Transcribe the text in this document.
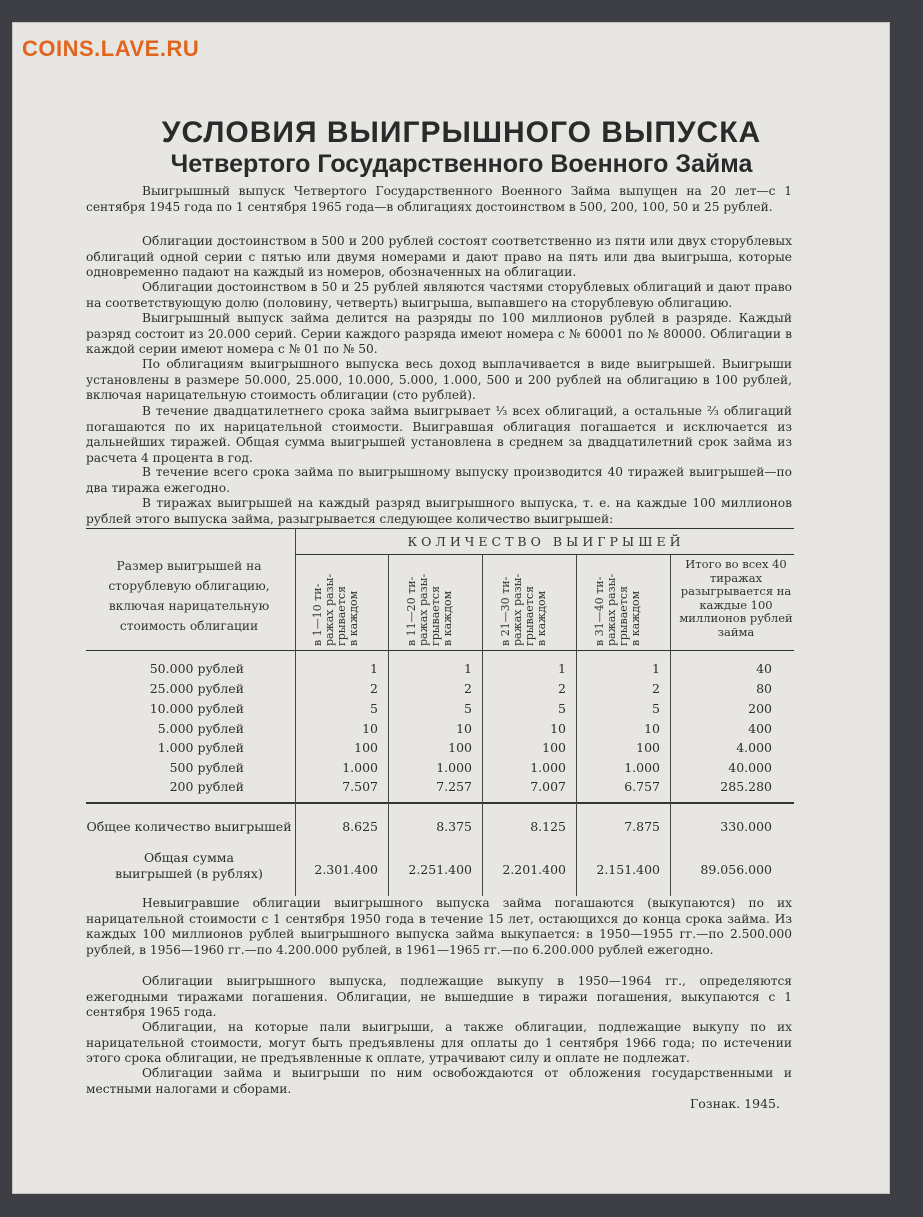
COINS.LAVE.RU
УСЛОВИЯ ВЫИГРЫШНОГО ВЫПУСКА
Четвертого Государственного Военного Займа
Выигрышный выпуск Четвертого Государственного Военного Займа выпущен на 20 лет—с 1 сентября 1945 года по 1 сентября 1965 года—в облигациях достоинством в 500, 200, 100, 50 и 25 рублей.
Облигации достоинством в 500 и 200 рублей состоят соответственно из пяти или двух сторублевых облигаций одной серии с пятью или двумя номерами и дают право на пять или два выигрыша, которые одновременно падают на каждый из номеров, обозначенных на облигации.
Облигации достоинством в 50 и 25 рублей являются частями сторублевых облигаций и дают право на соответствующую долю (половину, четверть) выигрыша, выпавшего на сторублевую облигацию.
Выигрышный выпуск займа делится на разряды по 100 миллионов рублей в разряде. Каждый разряд состоит из 20.000 серий. Серии каждого разряда имеют номера с № 60001 по № 80000. Облигации в каждой серии имеют номера с № 01 по № 50.
По облигациям выигрышного выпуска весь доход выплачивается в виде выигрышей. Выигрыши установлены в размере 50.000, 25.000, 10.000, 5.000, 1.000, 500 и 200 рублей на облигацию в 100 рублей, включая нарицательную стоимость облигации (сто рублей).
В течение двадцатилетнего срока займа выигрывает ⅓ всех облигаций, а остальные ⅔ облигаций погашаются по их нарицательной стоимости. Выигравшая облигация погашается и исключается из дальнейших тиражей. Общая сумма выигрышей установлена в среднем за двадцатилетний срок займа из расчета 4 процента в год.
В течение всего срока займа по выигрышному выпуску производится 40 тиражей выигрышей—по два тиража ежегодно.
В тиражах выигрышей на каждый разряд выигрышного выпуска, т. е. на каждые 100 миллионов рублей этого выпуска займа, разыгрывается следующее количество выигрышей:
Размер выигрышей на сторублевую облигацию, включая нарицательную стоимость облигации
КОЛИЧЕСТВО ВЫИГРЫШЕЙ
в 1—10 ти-
ражах разы-
грывается
в каждом
в 11—20 ти-
ражах разы-
грывается
в каждом
в 21—30 ти-
ражах разы-
грывается
в каждом
в 31—40 ти-
ражах разы-
грывается
в каждом
Итого во всех 40 тиражах разыгрывается на каждые 100 миллионов рублей займа
50.000 рублей	1	1	1	1	40
25.000 рублей	2	2	2	2	80
10.000 рублей	5	5	5	5	200
5.000 рублей	10	10	10	10	400
1.000 рублей	100	100	100	100	4.000
500 рублей	1.000	1.000	1.000	1.000	40.000
200 рублей	7.507	7.257	7.007	6.757	285.280
Общее количество выигрышей	8.625	8.375	8.125	7.875	330.000
Общая сумма выигрышей (в рублях)	2.301.400	2.251.400	2.201.400	2.151.400	89.056.000
Невыигравшие облигации выигрышного выпуска займа погашаются (выкупаются) по их нарицательной стоимости с 1 сентября 1950 года в течение 15 лет, остающихся до конца срока займа. Из каждых 100 миллионов рублей выигрышного выпуска займа выкупается: в 1950—1955 гг.—по 2.500.000 рублей, в 1956—1960 гг.—по 4.200.000 рублей, в 1961—1965 гг.—по 6.200.000 рублей ежегодно.
Облигации выигрышного выпуска, подлежащие выкупу в 1950—1964 гг., определяются ежегодными тиражами погашения. Облигации, не вышедшие в тиражи погашения, выкупаются с 1 сентября 1965 года.
Облигации, на которые пали выигрыши, а также облигации, подлежащие выкупу по их нарицательной стоимости, могут быть предъявлены для оплаты до 1 сентября 1966 года; по истечении этого срока облигации, не предъявленные к оплате, утрачивают силу и оплате не подлежат.
Облигации займа и выигрыши по ним освобождаются от обложения государственными и местными налогами и сборами.
Гознак. 1945.
